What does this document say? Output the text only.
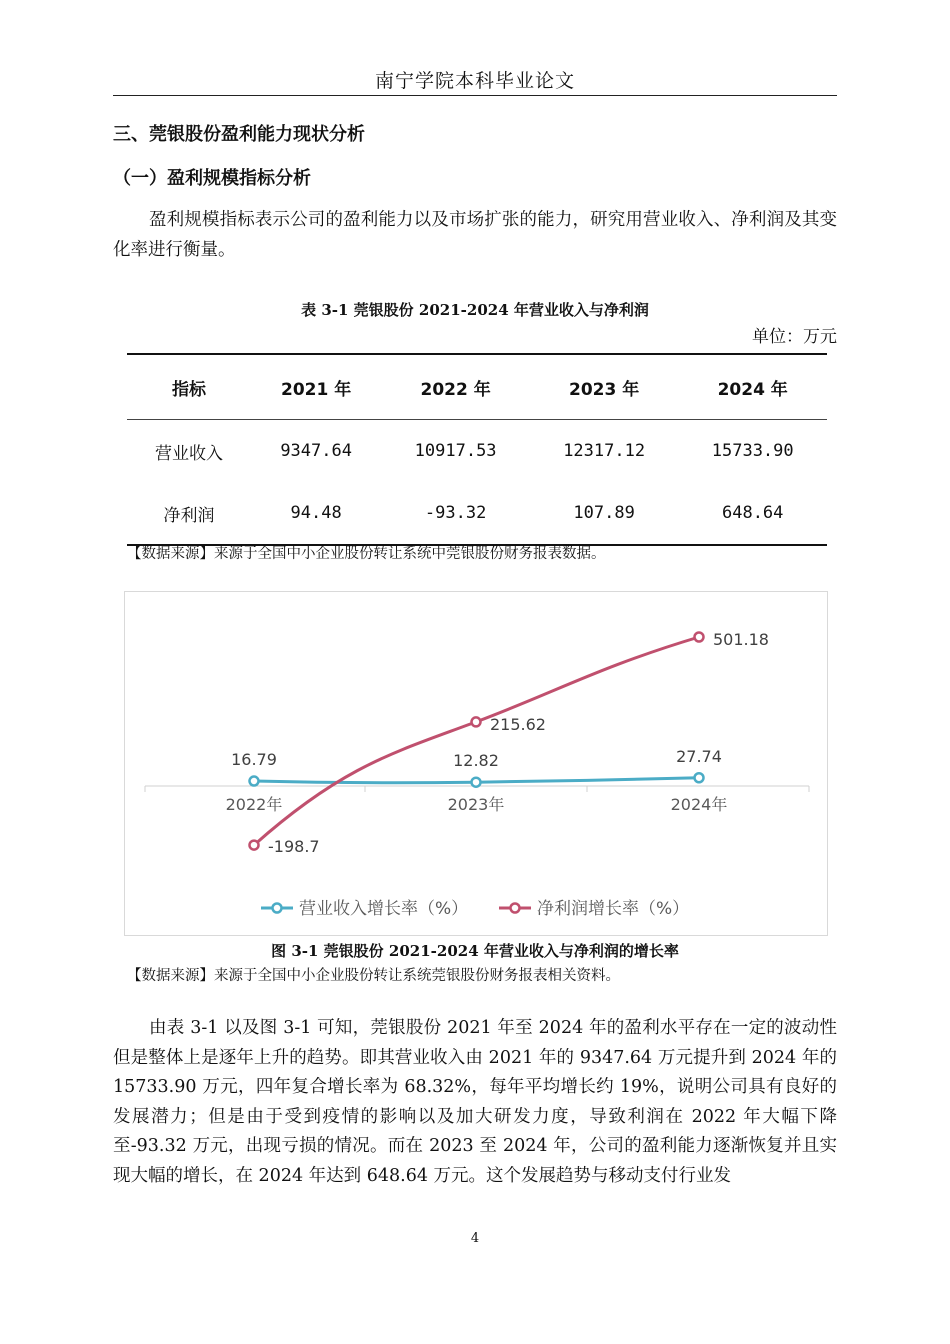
南宁学院本科毕业论文
三、莞银股份盈利能力现状分析
（一）盈利规模指标分析
盈利规模指标表示公司的盈利能力以及市场扩张的能力，研究用营业收入、净利润及其变化率进行衡量。
表 3-1 莞银股份 2021-2024 年营业收入与净利润
单位：万元
指标	2021 年	2022 年	2023 年	2024 年
营业收入	9347.64	10917.53	12317.12	15733.90
净利润	94.48	-93.32	107.89	648.64
【数据来源】来源于全国中小企业股份转让系统中莞银股份财务报表数据。
2022年	2023年	2024年
16.79	12.82	27.74
-198.7
215.62
501.18
营业收入增长率（%）	净利润增长率（%）
图 3-1 莞银股份 2021-2024 年营业收入与净利润的增长率
【数据来源】来源于全国中小企业股份转让系统莞银股份财务报表相关资料。
由表 3-1 以及图 3-1 可知，莞银股份 2021 年至 2024 年的盈利水平存在一定的波动性但是整体上是逐年上升的趋势。即其营业收入由 2021 年的 9347.64 万元提升到 2024 年的 15733.90 万元，四年复合增长率为 68.32%，每年平均增长约 19%，说明公司具有良好的发展潜力；但是由于受到疫情的影响以及加大研发力度，导致利润在 2022 年大幅下降至-93.32 万元，出现亏损的情况。而在 2023 至 2024 年，公司的盈利能力逐渐恢复并且实现大幅的增长，在 2024 年达到 648.64 万元。这个发展趋势与移动支付行业发
4
